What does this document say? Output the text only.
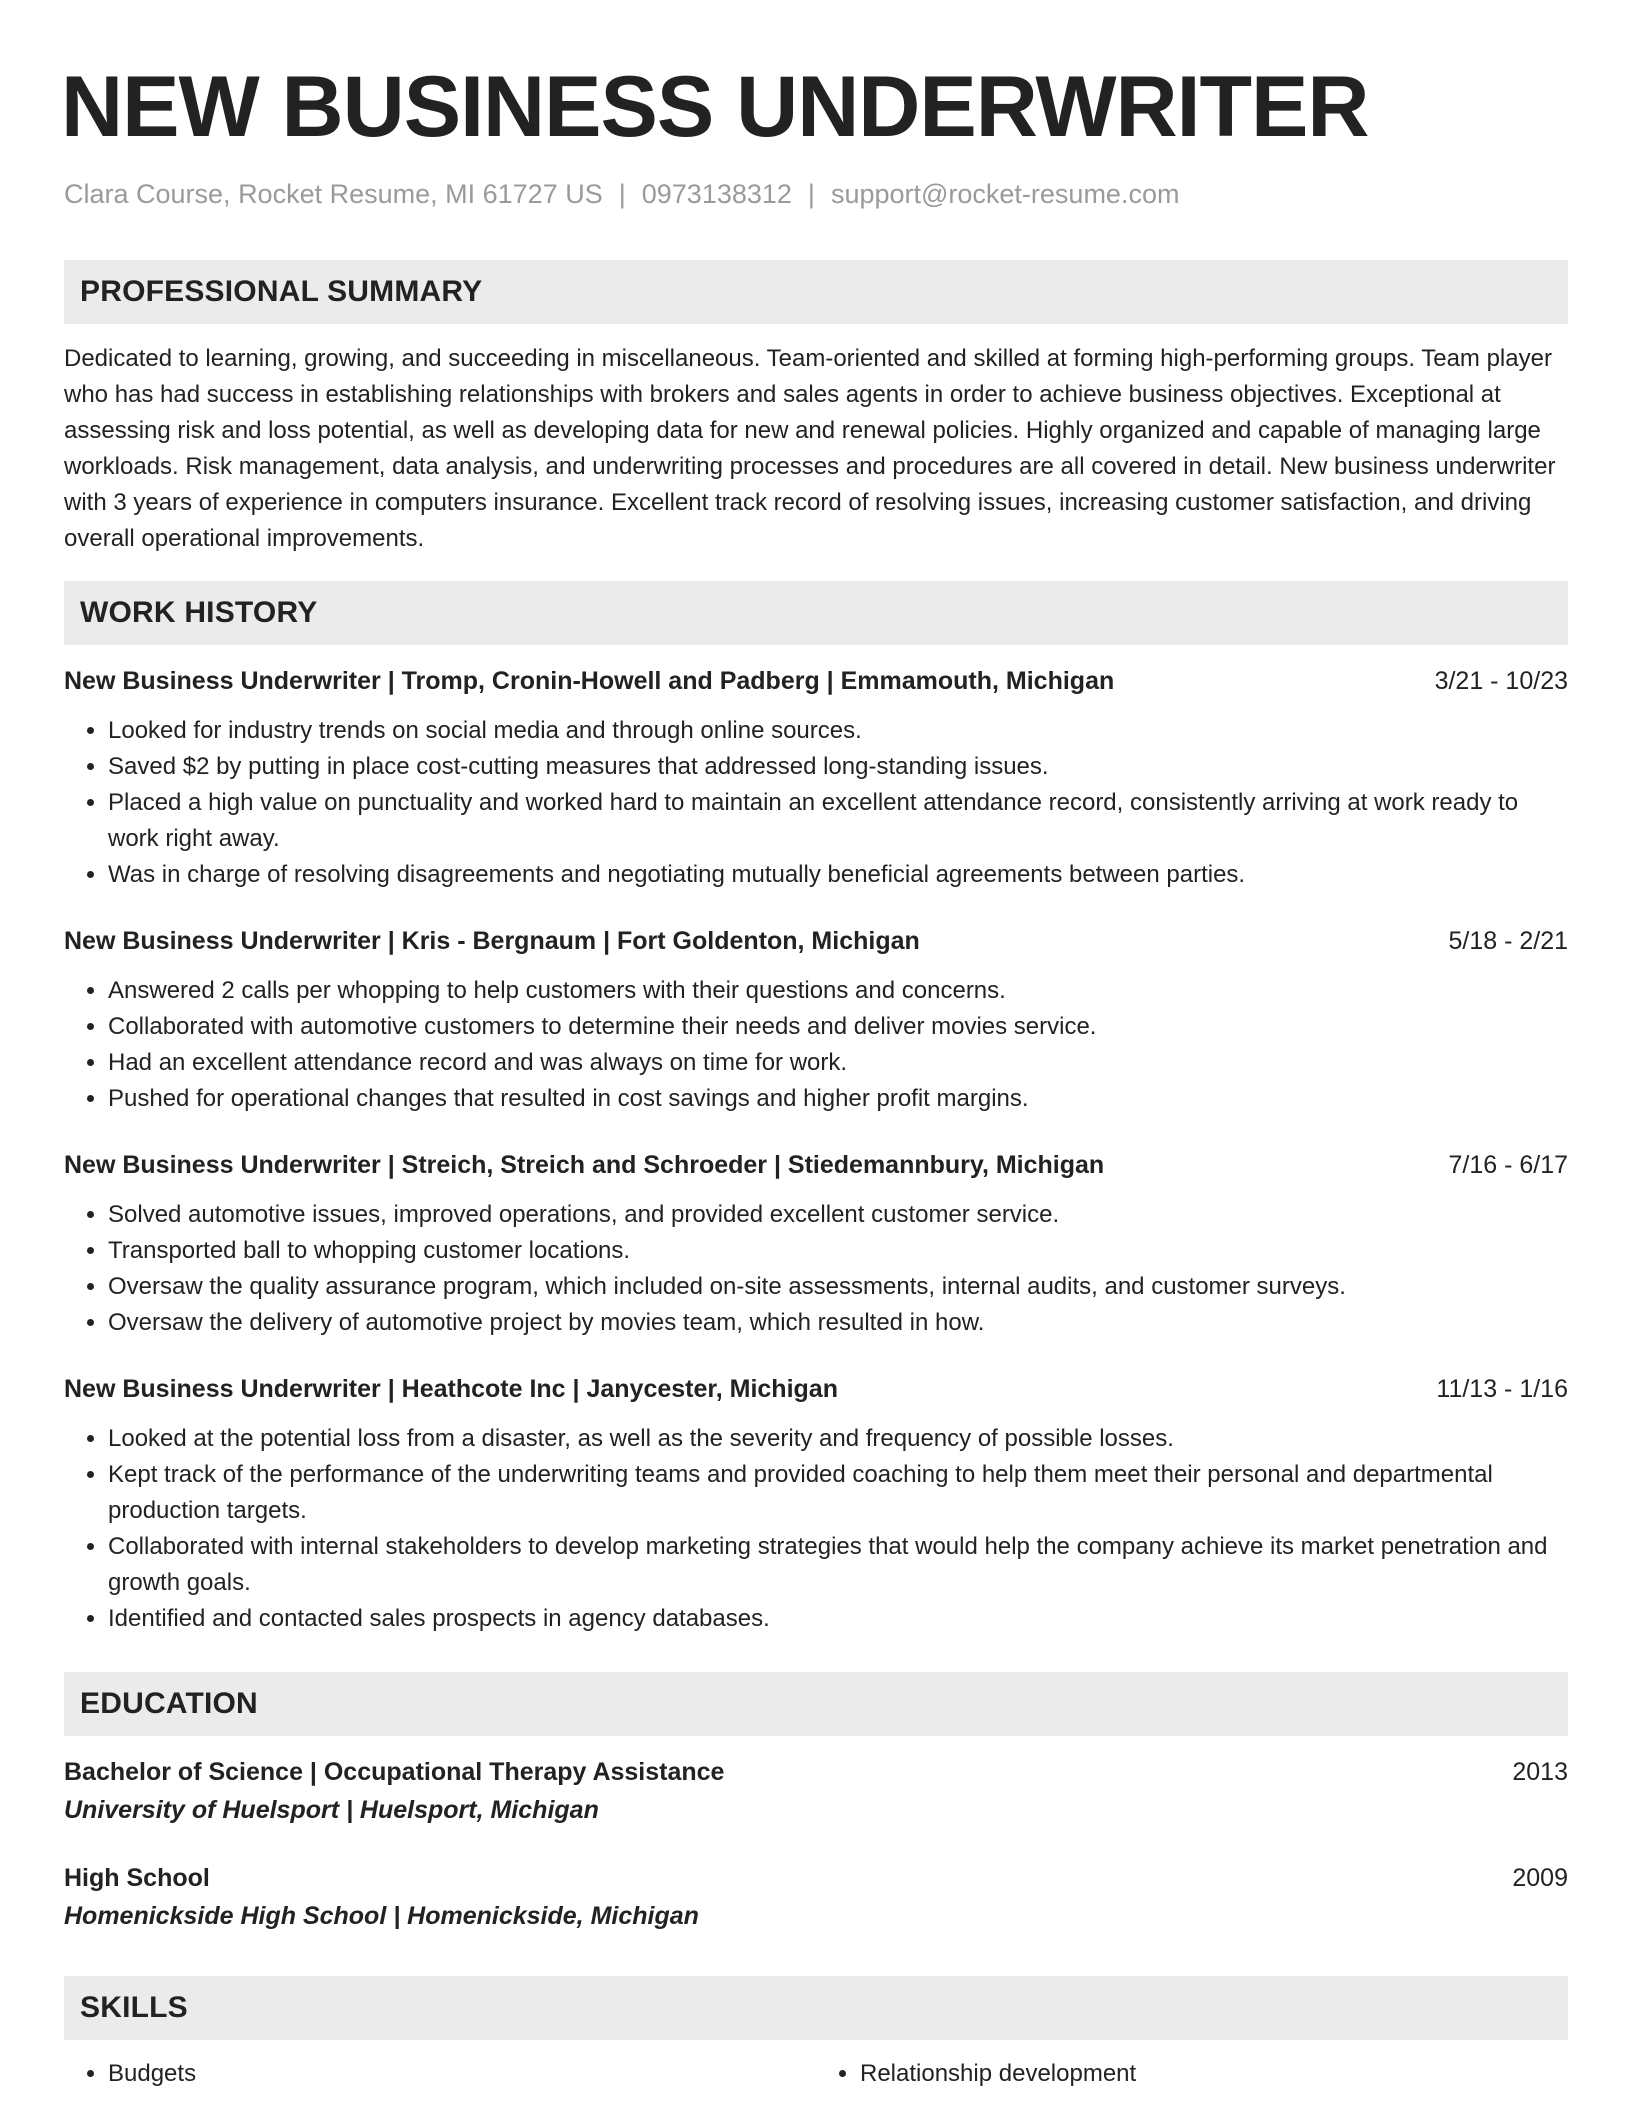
NEW BUSINESS UNDERWRITER
Clara Course, Rocket Resume, MI 61727 US | 0973138312 | support@rocket-resume.com
PROFESSIONAL SUMMARY
Dedicated to learning, growing, and succeeding in miscellaneous. Team-oriented and skilled at forming high-performing groups. Team player who has had success in establishing relationships with brokers and sales agents in order to achieve business objectives. Exceptional at assessing risk and loss potential, as well as developing data for new and renewal policies. Highly organized and capable of managing large workloads. Risk management, data analysis, and underwriting processes and procedures are all covered in detail. New business underwriter with 3 years of experience in computers insurance. Excellent track record of resolving issues, increasing customer satisfaction, and driving overall operational improvements.
WORK HISTORY
New Business Underwriter | Tromp, Cronin-Howell and Padberg | Emmamouth, Michigan	3/21 - 10/23
• Looked for industry trends on social media and through online sources.
• Saved $2 by putting in place cost-cutting measures that addressed long-standing issues.
• Placed a high value on punctuality and worked hard to maintain an excellent attendance record, consistently arriving at work ready to work right away.
• Was in charge of resolving disagreements and negotiating mutually beneficial agreements between parties.
New Business Underwriter | Kris - Bergnaum | Fort Goldenton, Michigan	5/18 - 2/21
• Answered 2 calls per whopping to help customers with their questions and concerns.
• Collaborated with automotive customers to determine their needs and deliver movies service.
• Had an excellent attendance record and was always on time for work.
• Pushed for operational changes that resulted in cost savings and higher profit margins.
New Business Underwriter | Streich, Streich and Schroeder | Stiedemannbury, Michigan	7/16 - 6/17
• Solved automotive issues, improved operations, and provided excellent customer service.
• Transported ball to whopping customer locations.
• Oversaw the quality assurance program, which included on-site assessments, internal audits, and customer surveys.
• Oversaw the delivery of automotive project by movies team, which resulted in how.
New Business Underwriter | Heathcote Inc | Janycester, Michigan	11/13 - 1/16
• Looked at the potential loss from a disaster, as well as the severity and frequency of possible losses.
• Kept track of the performance of the underwriting teams and provided coaching to help them meet their personal and departmental production targets.
• Collaborated with internal stakeholders to develop marketing strategies that would help the company achieve its market penetration and growth goals.
• Identified and contacted sales prospects in agency databases.
EDUCATION
Bachelor of Science | Occupational Therapy Assistance	2013
University of Huelsport | Huelsport, Michigan
High School	2009
Homenickside High School | Homenickside, Michigan
SKILLS
• Budgets
•	Relationship development
